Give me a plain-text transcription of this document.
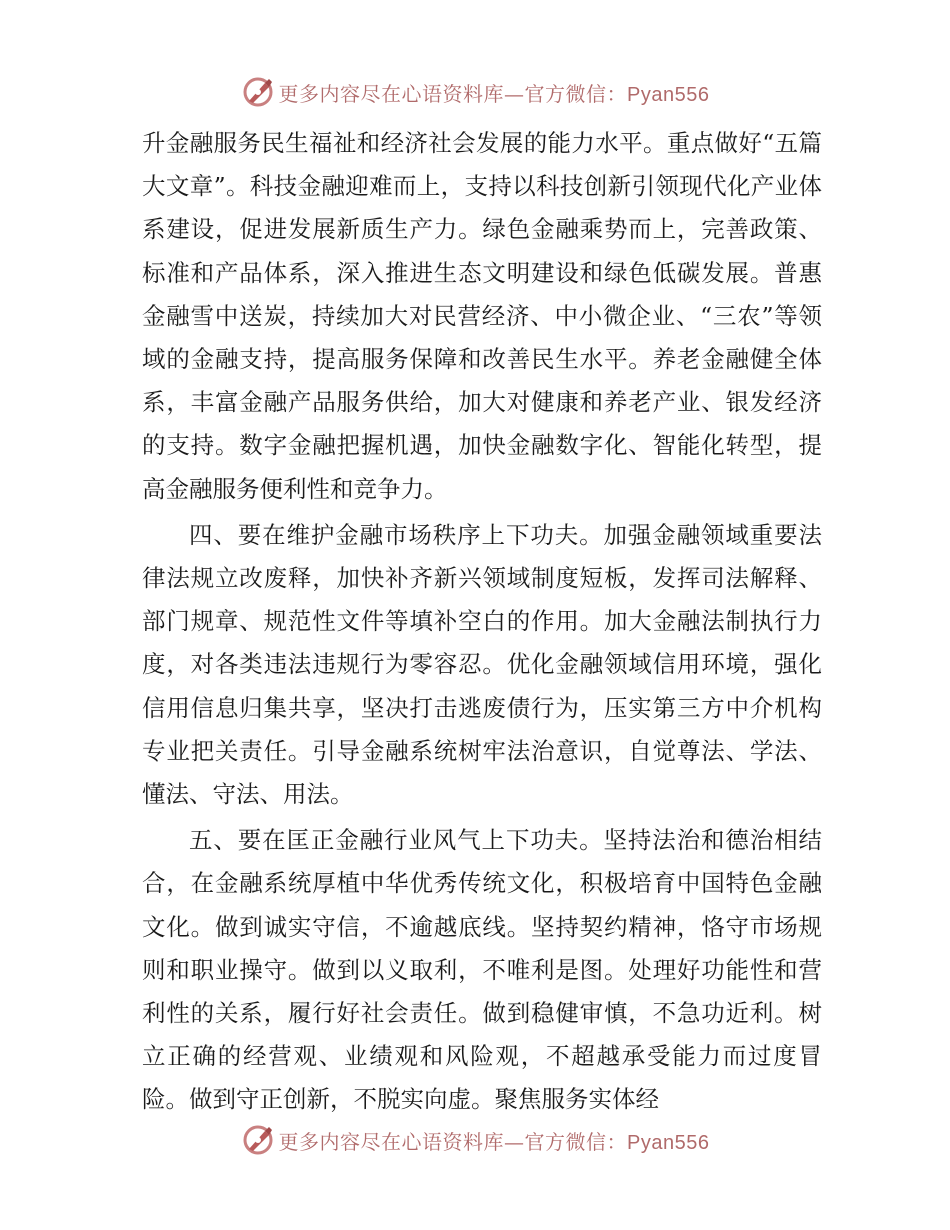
更多内容尽在心语资料库—官方微信：Pyan556

升金融服务民生福祉和经济社会发展的能力水平。重点做好“五篇大文章”。科技金融迎难而上，支持以科技创新引领现代化产业体系建设，促进发展新质生产力。绿色金融乘势而上，完善政策、标准和产品体系，深入推进生态文明建设和绿色低碳发展。普惠金融雪中送炭，持续加大对民营经济、中小微企业、“三农”等领域的金融支持，提高服务保障和改善民生水平。养老金融健全体系，丰富金融产品服务供给，加大对健康和养老产业、银发经济的支持。数字金融把握机遇，加快金融数字化、智能化转型，提高金融服务便利性和竞争力。

四、要在维护金融市场秩序上下功夫。加强金融领域重要法律法规立改废释，加快补齐新兴领域制度短板，发挥司法解释、部门规章、规范性文件等填补空白的作用。加大金融法制执行力度，对各类违法违规行为零容忍。优化金融领域信用环境，强化信用信息归集共享，坚决打击逃废债行为，压实第三方中介机构专业把关责任。引导金融系统树牢法治意识，自觉尊法、学法、懂法、守法、用法。

五、要在匡正金融行业风气上下功夫。坚持法治和德治相结合，在金融系统厚植中华优秀传统文化，积极培育中国特色金融文化。做到诚实守信，不逾越底线。坚持契约精神，恪守市场规则和职业操守。做到以义取利，不唯利是图。处理好功能性和营利性的关系，履行好社会责任。做到稳健审慎，不急功近利。树立正确的经营观、业绩观和风险观，不超越承受能力而过度冒险。做到守正创新，不脱实向虚。聚焦服务实体经

更多内容尽在心语资料库—官方微信：Pyan556
